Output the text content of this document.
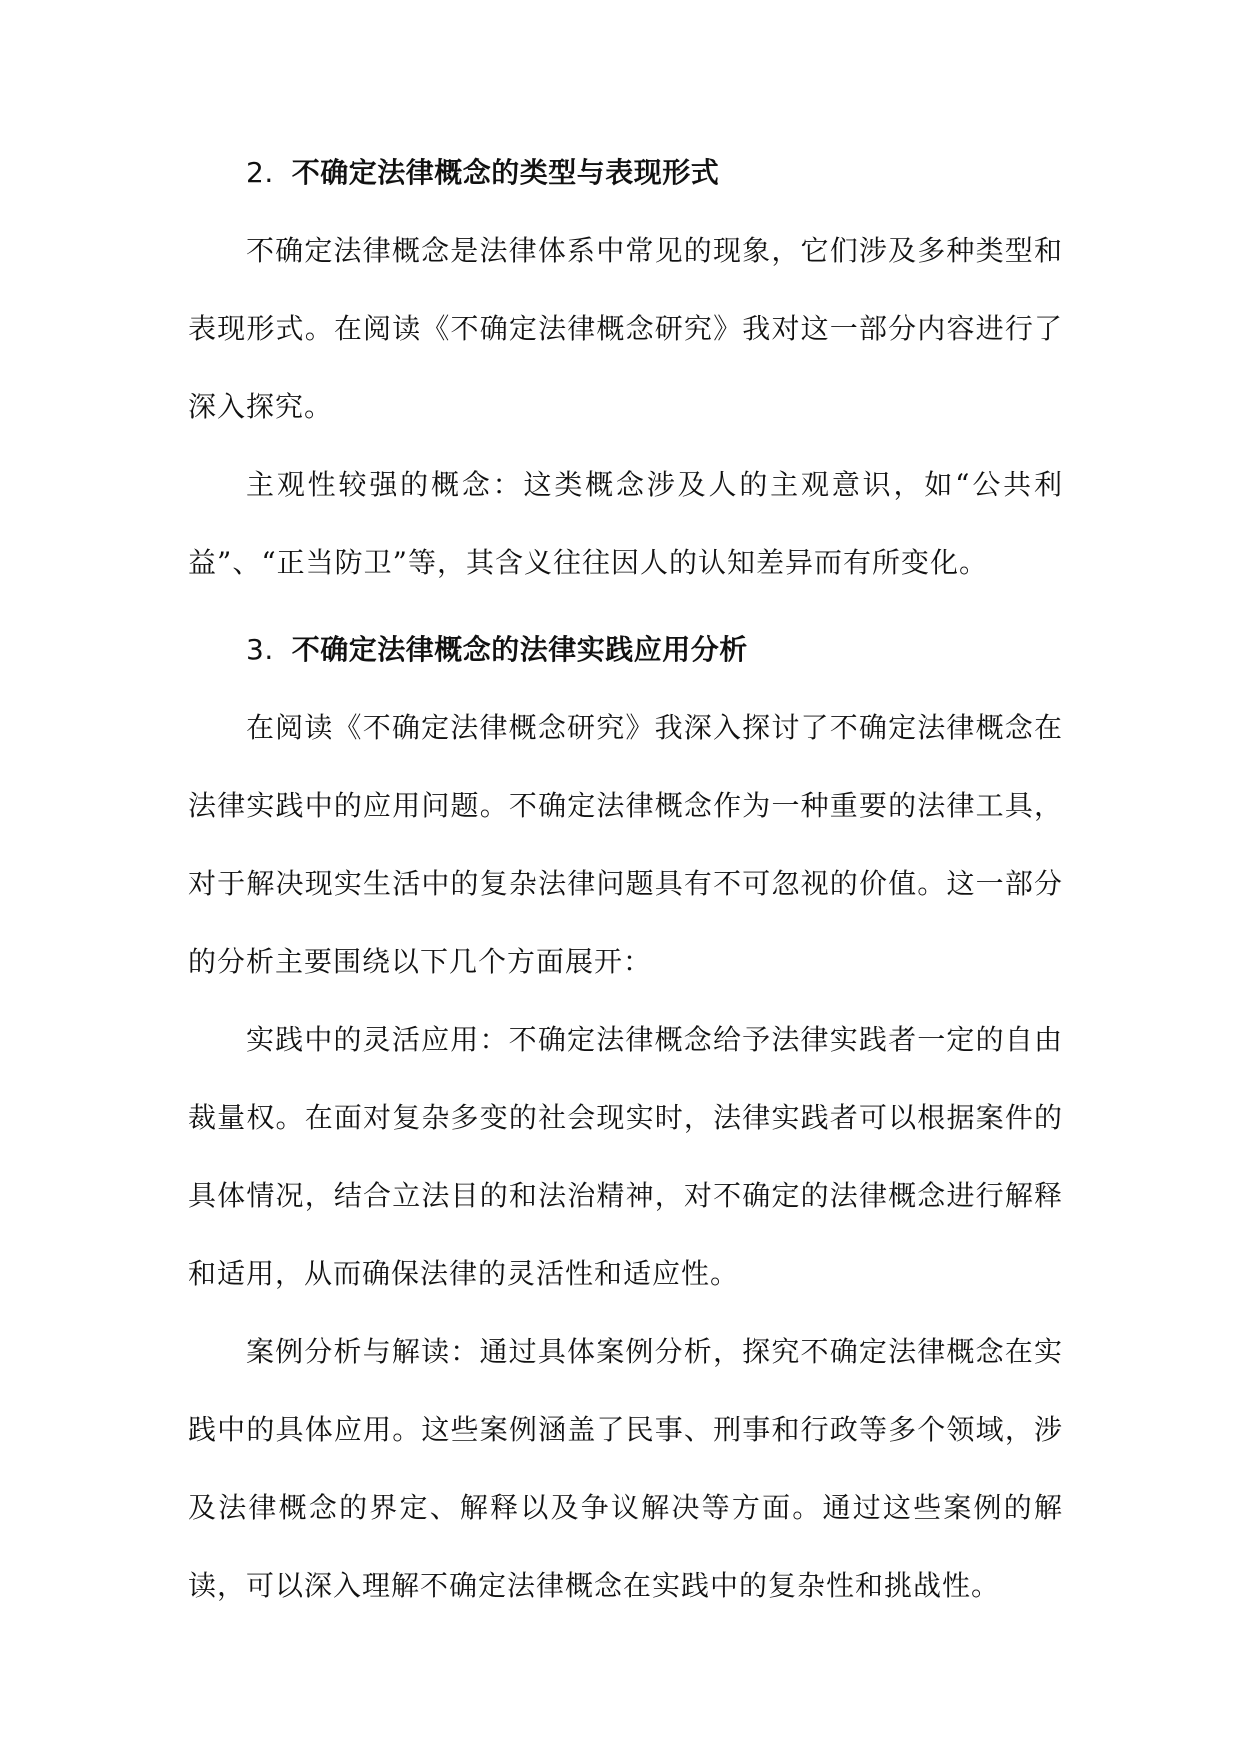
2. 不确定法律概念的类型与表现形式

不确定法律概念是法律体系中常见的现象，它们涉及多种类型和表现形式。在阅读《不确定法律概念研究》我对这一部分内容进行了深入探究。

主观性较强的概念：这类概念涉及人的主观意识，如“公共利益”、“正当防卫”等，其含义往往因人的认知差异而有所变化。

3. 不确定法律概念的法律实践应用分析

在阅读《不确定法律概念研究》我深入探讨了不确定法律概念在法律实践中的应用问题。不确定法律概念作为一种重要的法律工具，对于解决现实生活中的复杂法律问题具有不可忽视的价值。这一部分的分析主要围绕以下几个方面展开：

实践中的灵活应用：不确定法律概念给予法律实践者一定的自由裁量权。在面对复杂多变的社会现实时，法律实践者可以根据案件的具体情况，结合立法目的和法治精神，对不确定的法律概念进行解释和适用，从而确保法律的灵活性和适应性。

案例分析与解读：通过具体案例分析，探究不确定法律概念在实践中的具体应用。这些案例涵盖了民事、刑事和行政等多个领域，涉及法律概念的界定、解释以及争议解决等方面。通过这些案例的解读，可以深入理解不确定法律概念在实践中的复杂性和挑战性。
